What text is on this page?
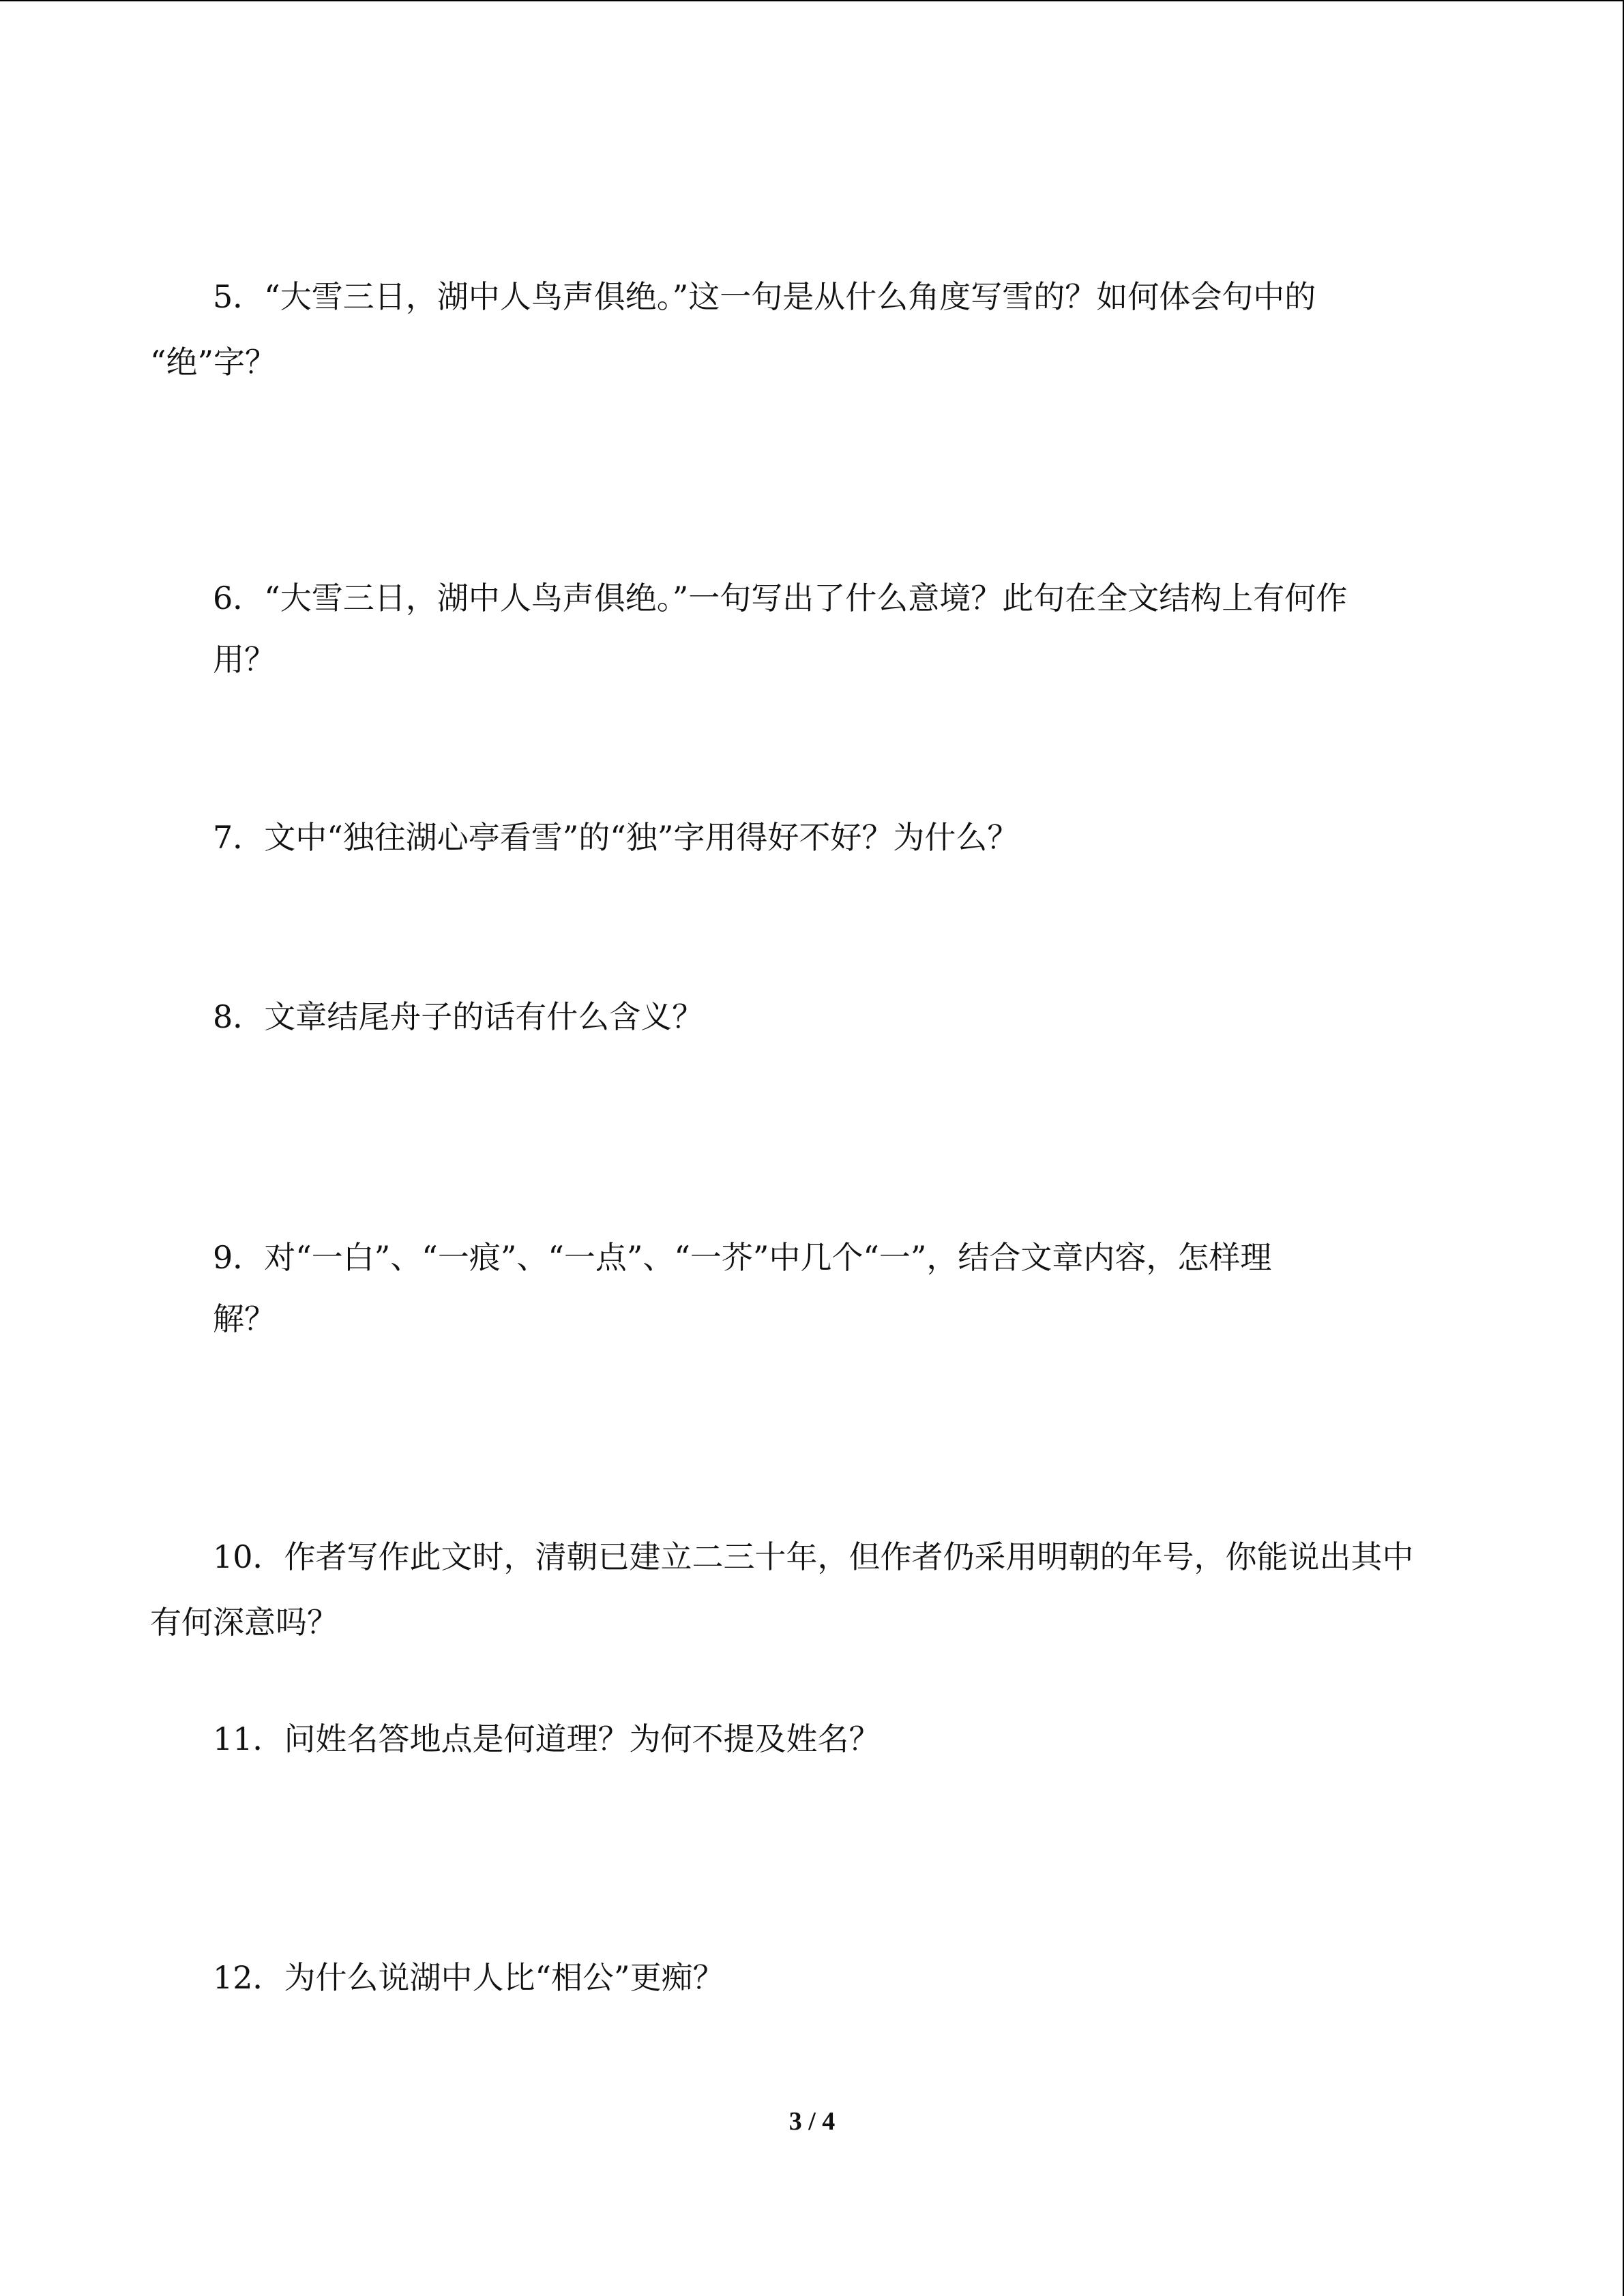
5．“大雪三日，湖中人鸟声俱绝。”这一句是从什么角度写雪的？如何体会句中的
“绝”字？
6．“大雪三日，湖中人鸟声俱绝。”一句写出了什么意境？此句在全文结构上有何作
用？
7．文中“独往湖心亭看雪”的“独”字用得好不好？为什么？
8．文章结尾舟子的话有什么含义？
9．对“一白”、“一痕”、“一点”、“一芥”中几个“一”，结合文章内容，怎样理
解？
10．作者写作此文时，清朝已建立二三十年，但作者仍采用明朝的年号，你能说出其中
有何深意吗？
11．问姓名答地点是何道理？为何不提及姓名？
12．为什么说湖中人比“相公”更痴？
3 / 4
